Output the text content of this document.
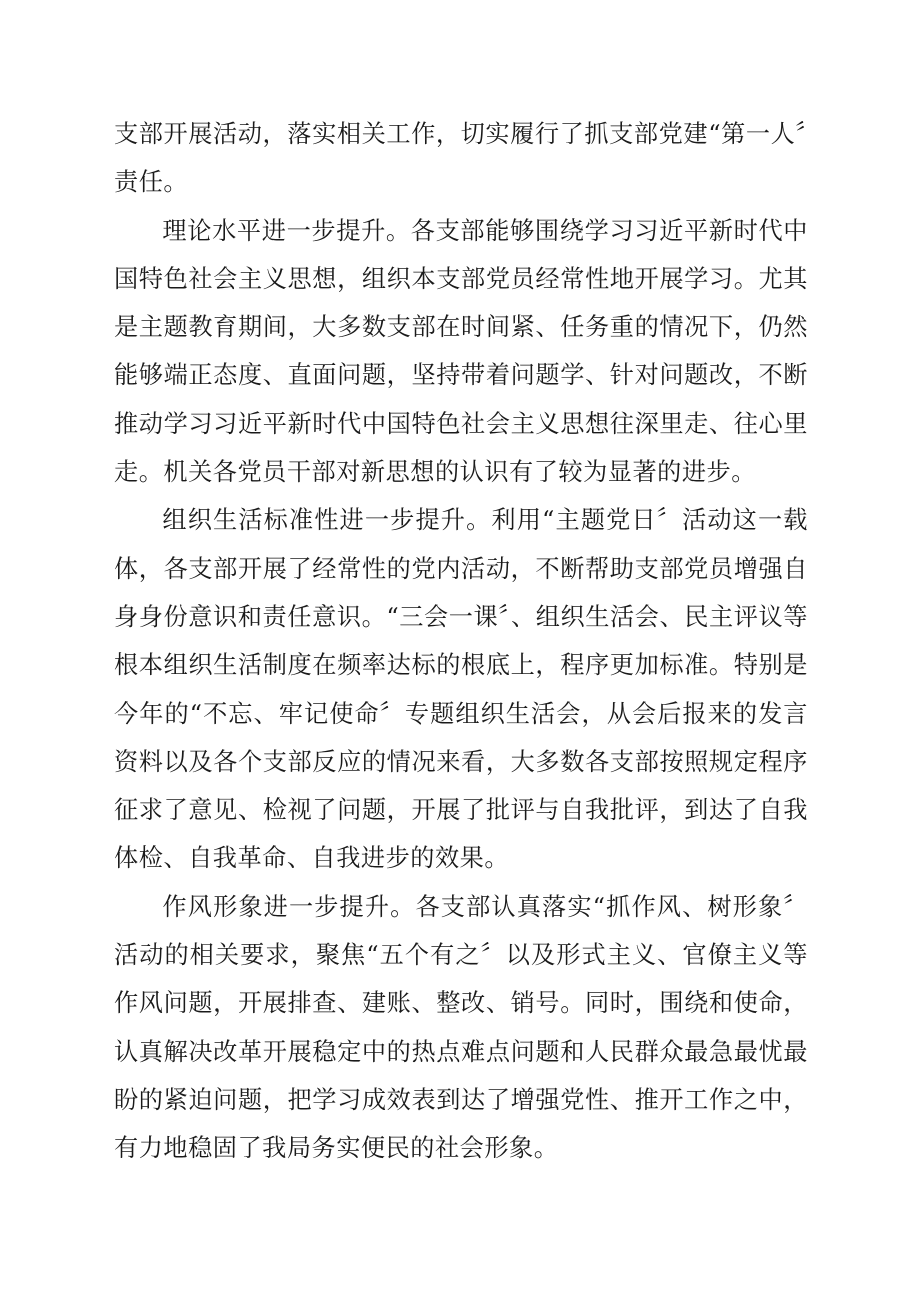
支部开展活动，落实相关工作，切实履行了抓支部党建“第一人〞责任。

理论水平进一步提升。各支部能够围绕学习习近平新时代中国特色社会主义思想，组织本支部党员经常性地开展学习。尤其是主题教育期间，大多数支部在时间紧、任务重的情况下，仍然能够端正态度、直面问题，坚持带着问题学、针对问题改，不断推动学习习近平新时代中国特色社会主义思想往深里走、往心里走。机关各党员干部对新思想的认识有了较为显著的进步。

组织生活标准性进一步提升。利用“主题党日〞活动这一载体，各支部开展了经常性的党内活动，不断帮助支部党员增强自身身份意识和责任意识。“三会一课〞、组织生活会、民主评议等根本组织生活制度在频率达标的根底上，程序更加标准。特别是今年的“不忘、牢记使命〞专题组织生活会，从会后报来的发言资料以及各个支部反应的情况来看，大多数各支部按照规定程序征求了意见、检视了问题，开展了批评与自我批评，到达了自我体检、自我革命、自我进步的效果。

作风形象进一步提升。各支部认真落实“抓作风、树形象〞活动的相关要求，聚焦“五个有之〞以及形式主义、官僚主义等作风问题，开展排查、建账、整改、销号。同时，围绕和使命，认真解决改革开展稳定中的热点难点问题和人民群众最急最忧最盼的紧迫问题，把学习成效表到达了增强党性、推开工作之中，有力地稳固了我局务实便民的社会形象。
